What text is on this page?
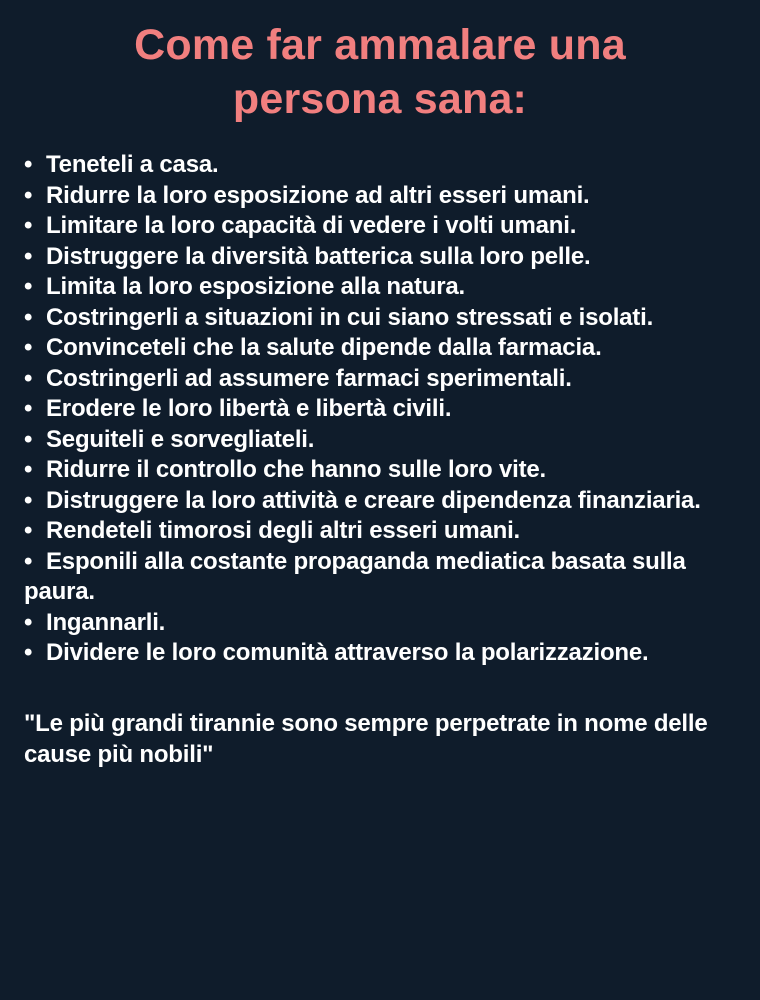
Come far ammalare una
persona sana:
• Teneteli a casa.
• Ridurre la loro esposizione ad altri esseri umani.
• Limitare la loro capacità di vedere i volti umani.
• Distruggere la diversità batterica sulla loro pelle.
• Limita la loro esposizione alla natura.
• Costringerli a situazioni in cui siano stressati e isolati.
• Convinceteli che la salute dipende dalla farmacia.
• Costringerli ad assumere farmaci sperimentali.
• Erodere le loro libertà e libertà civili.
• Seguiteli e sorvegliateli.
• Ridurre il controllo che hanno sulle loro vite.
• Distruggere la loro attività e creare dipendenza finanziaria.
• Rendeteli timorosi degli altri esseri umani.
• Esponili alla costante propaganda mediatica basata sulla paura.
• Ingannarli.
• Dividere le loro comunità attraverso la polarizzazione.

"Le più grandi tirannie sono sempre perpetrate in nome delle cause più nobili"
